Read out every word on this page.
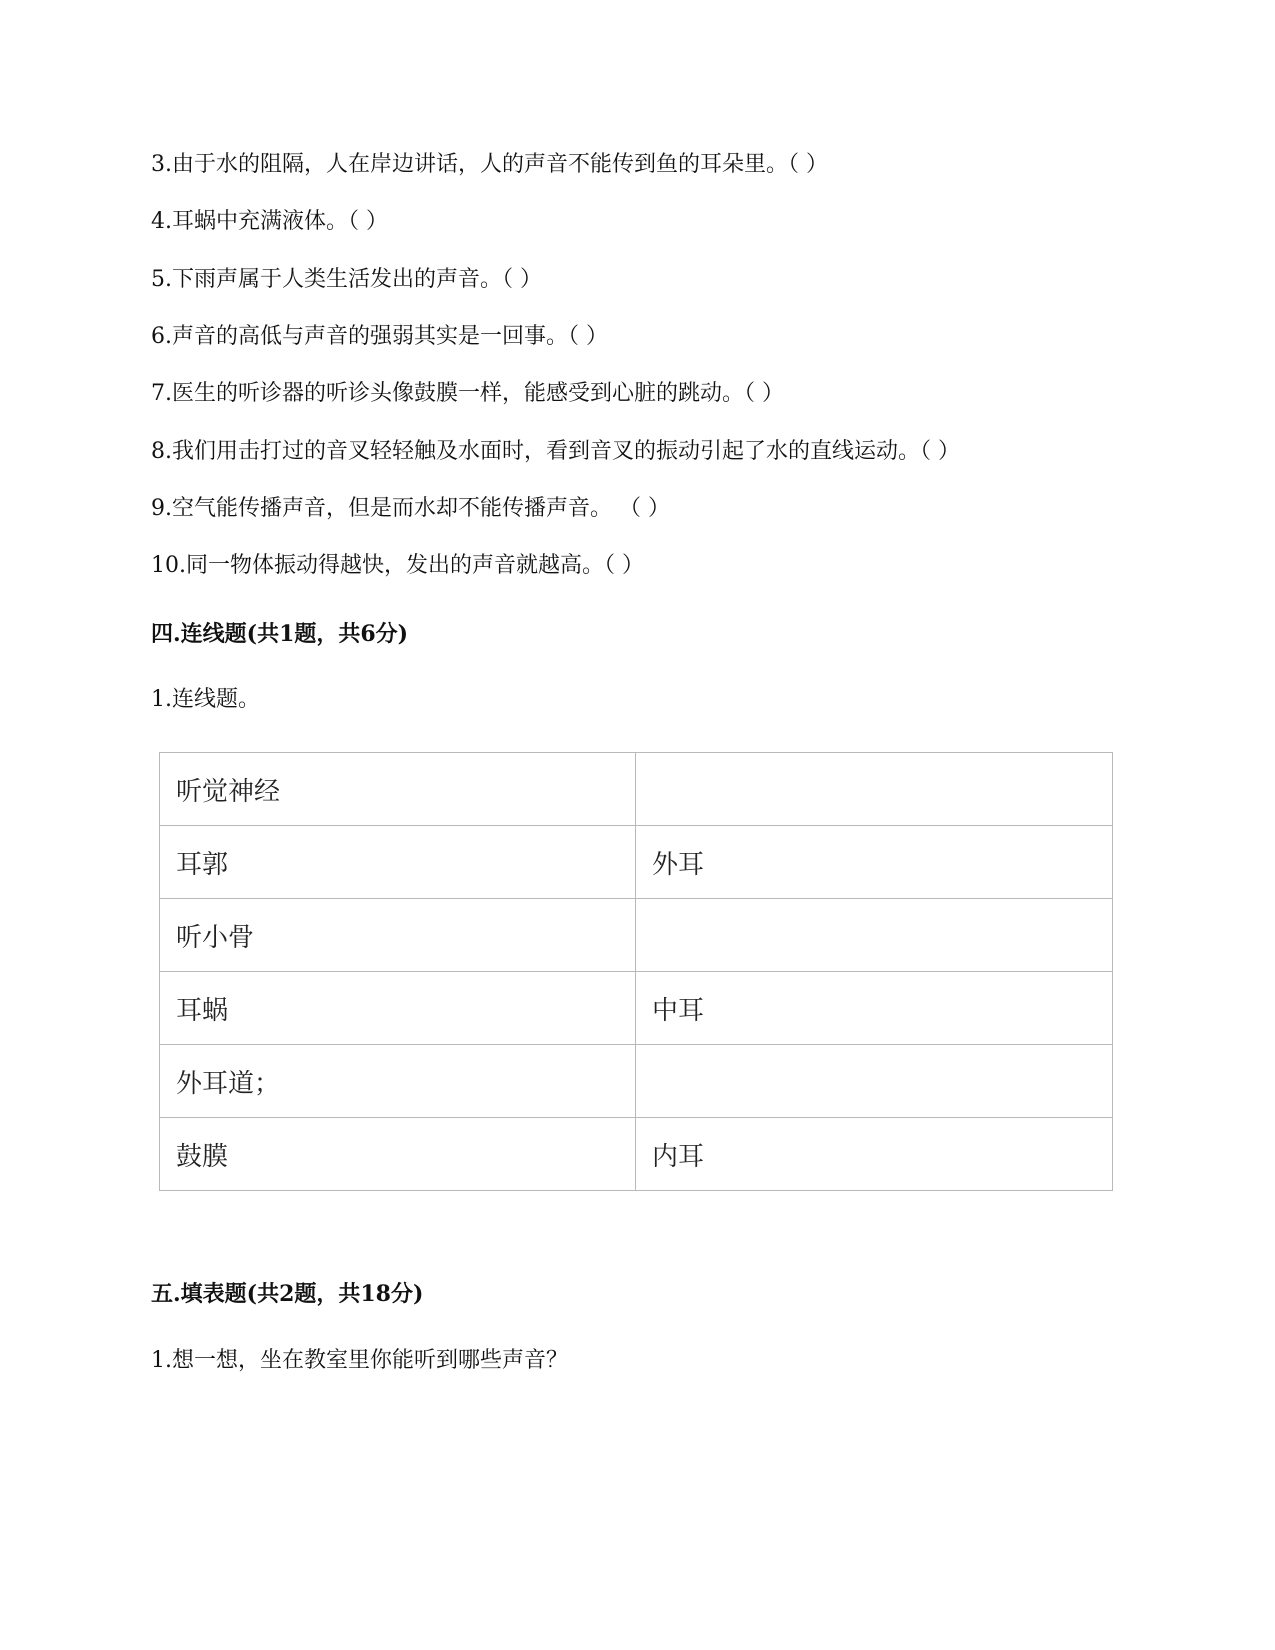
3.由于水的阻隔，人在岸边讲话，人的声音不能传到鱼的耳朵里。（ ）
4.耳蜗中充满液体。（ ）
5.下雨声属于人类生活发出的声音。（ ）
6.声音的高低与声音的强弱其实是一回事。（ ）
7.医生的听诊器的听诊头像鼓膜一样，能感受到心脏的跳动。（ ）
8.我们用击打过的音叉轻轻触及水面时，看到音叉的振动引起了水的直线运动。（ ）
9.空气能传播声音，但是而水却不能传播声音。 （ ）
10.同一物体振动得越快，发出的声音就越高。（ ）
四.连线题(共1题，共6分)
1.连线题。
听觉神经	
耳郭	外耳
听小骨	
耳蜗	中耳
外耳道；	
鼓膜	内耳
五.填表题(共2题，共18分)
1.想一想，坐在教室里你能听到哪些声音？
